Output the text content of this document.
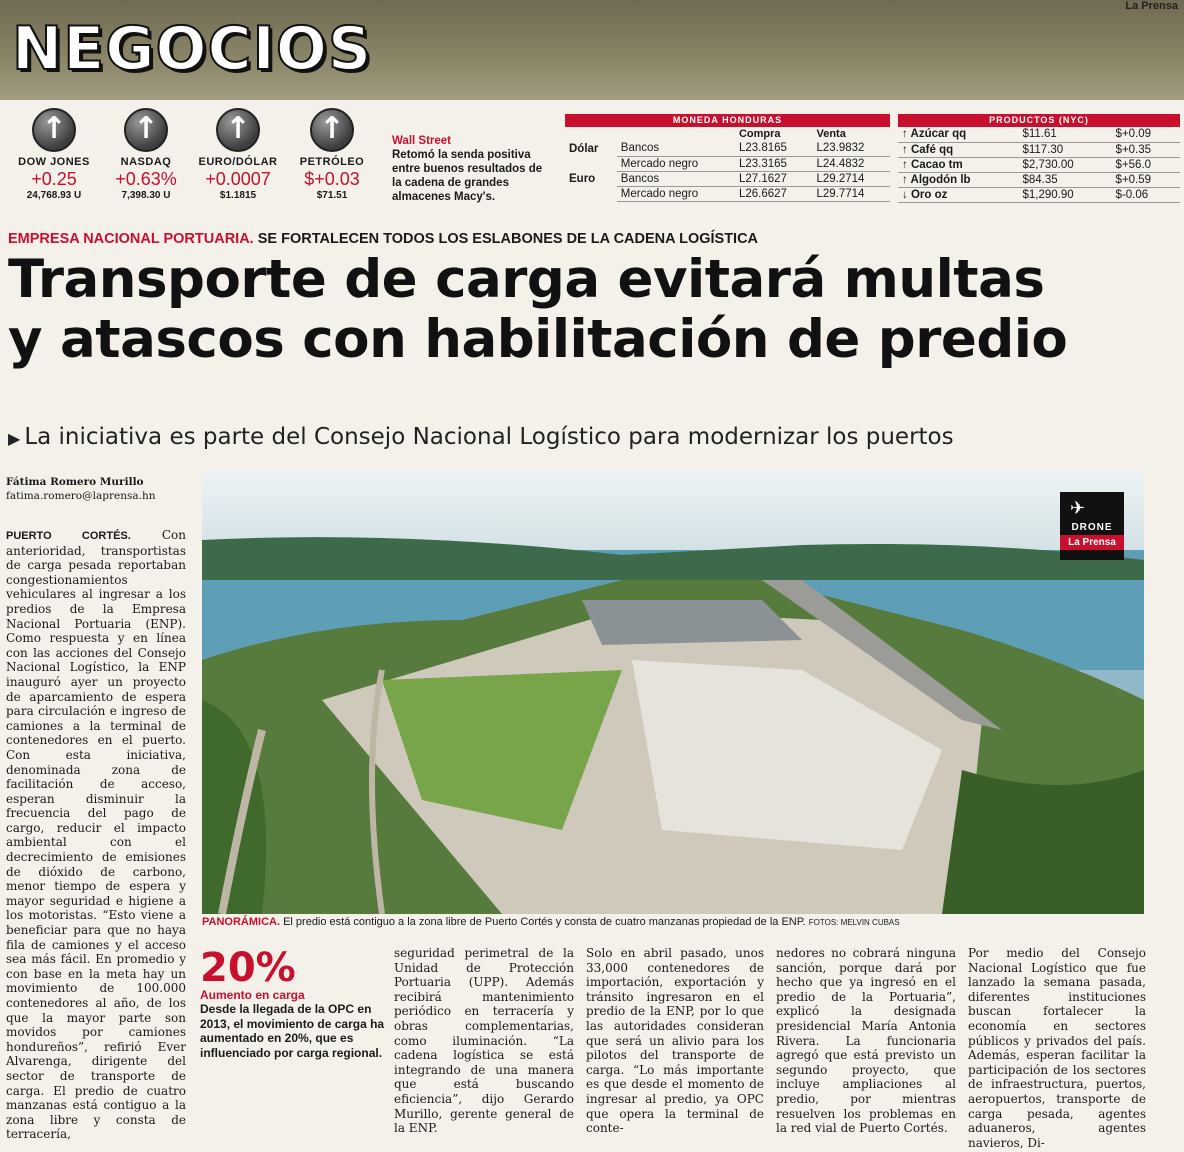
NEGOCIOS
La Prensa
↑
DOW JONES
+0.25
24,768.93 U
↑
NASDAQ
+0.63%
7,398.30 U
↑
EURO/DÓLAR
+0.0007
$1.1815
↑
PETRÓLEO
$+0.03
$71.51
Wall Street
Retomó la senda positiva entre buenos resultados de la cadena de grandes almacenes Macy's.
MONEDA HONDURAS
		Compra	Venta
Dólar	Bancos	L23.8165	L23.9832
	Mercado negro	L23.3165	L24.4832
Euro	Bancos	L27.1627	L29.2714
	Mercado negro	L26.6627	L29.7714
PRODUCTOS (NYC)
↑ Azúcar qq	$11.61	$+0.09
↑ Café qq	$117.30	$+0.35
↑ Cacao tm	$2,730.00	$+56.0
↑ Algodón lb	$84.35	$+0.59
↓ Oro oz	$1,290.90	$-0.06
EMPRESA NACIONAL PORTUARIA. SE FORTALECEN TODOS LOS ESLABONES DE LA CADENA LOGÍSTICA
Transporte de carga evitará multas
y atascos con habilitación de predio
▶ La iniciativa es parte del Consejo Nacional Logístico para modernizar los puertos
Fátima Romero Murillo
fatima.romero@laprensa.hn
PUERTO CORTÉS.	Con anterioridad, transportistas de carga pesada reportaban congestionamientos vehiculares al ingresar a los predios de la Empresa Nacional Portuaria (ENP). Como respuesta y en línea con las acciones del Consejo Nacional Logístico, la ENP inauguró ayer un proyecto de aparcamiento de espera para circulación e ingreso de camiones a la terminal de contenedores en el puerto. Con esta iniciativa, denominada zona de facilitación de acceso, esperan disminuir la frecuencia del pago de cargo, reducir el impacto ambiental con el decrecimiento de emisiones de dióxido de carbono, menor tiempo de espera y mayor seguridad e higiene a los motoristas. “Esto viene a beneficiar para que no haya fila de camiones y el acceso sea más fácil. En promedio y con base en la meta hay un movimiento de 100.000 contenedores al año, de los que la mayor parte son movidos por camiones hondureños”, refirió Ever Alvarenga, dirigente del sector de transporte de carga. El predio de cuatro manzanas está contiguo a la zona libre y consta de terracería,
✈
DRONE
La Prensa
PANORÁMICA. El predio está contiguo a la zona libre de Puerto Cortés y consta de cuatro manzanas propiedad de la ENP. FOTOS: MELVIN CUBAS
20%
Aumento en carga
Desde la llegada de la OPC en 2013, el movimiento de carga ha aumentado en 20%, que es influenciado por carga regional.
seguridad perimetral de la Unidad de Protección Portuaria (UPP). Además recibirá mantenimiento periódico en terracería y obras complementarias, como iluminación. “La cadena logística se está integrando de una manera que está buscando eficiencia”, dijo Gerardo Murillo, gerente general de la ENP.
Solo en abril pasado, unos 33,000 contenedores de importación, exportación y tránsito ingresaron en el predio de la ENP, por lo que las autoridades consideran que será un alivio para los pilotos del transporte de carga. “Lo más importante es que desde el momento de ingresar al predio, ya OPC que opera la terminal de conte-
nedores no cobrará ninguna sanción, porque dará por hecho que ya ingresó en el predio de la Portuaria”, explicó la designada presidencial María Antonia Rivera. La funcionaria agregó que está previsto un segundo proyecto, que incluye ampliaciones al predio, por mientras resuelven los problemas en la red vial de Puerto Cortés.
Por medio del Consejo Nacional Logístico que fue lanzado la semana pasada, diferentes instituciones buscan fortalecer la economía en sectores públicos y privados del país. Además, esperan facilitar la participación de los sectores de infraestructura, puertos, aeropuertos, transporte de carga pesada, agentes aduaneros, agentes navieros, Di-
